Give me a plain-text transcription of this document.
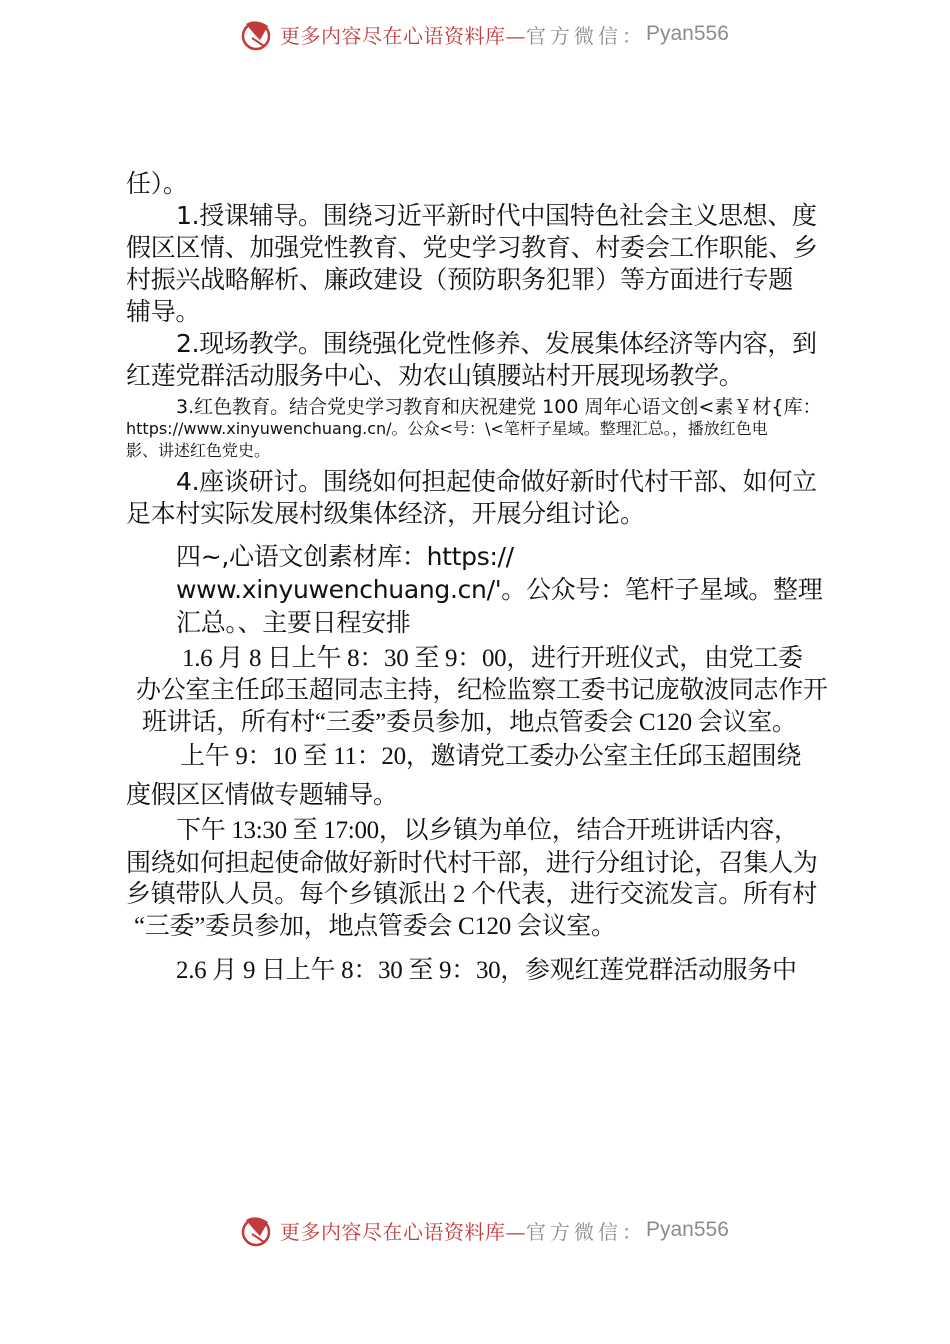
更多内容尽在心语资料库— 官方微信： Pyan556

任）。

1.授课辅导。围绕习近平新时代中国特色社会主义思想、度

假区区情、加强党性教育、党史学习教育、村委会工作职能、乡

村振兴战略解析、廉政建设（预防职务犯罪）等方面进行专题

辅导。

2.现场教学。围绕强化党性修养、发展集体经济等内容，到

红莲党群活动服务中心、劝农山镇腰站村开展现场教学。

3.红色教育。结合党史学习教育和庆祝建党 100 周年心语文创<素￥材{库：

https://www.xinyuwenchuang.cn/。公众<号：\<笔杆子星域。整理汇总。，播放红色电

影、讲述红色党史。

4.座谈研讨。围绕如何担起使命做好新时代村干部、如何立

足本村实际发展村级集体经济，开展分组讨论。

四~,心语文创素材库：https://

www.xinyuwenchuang.cn/'。公众号：笔杆子星域。整理

汇总。、主要日程安排

1.6 月 8 日上午 8：30 至 9：00，进行开班仪式，由党工委

办公室主任邱玉超同志主持，纪检监察工委书记庞敬波同志作开

班讲话，所有村“三委”委员参加，地点管委会 C120 会议室。

上午 9：10 至 11：20，邀请党工委办公室主任邱玉超围绕

度假区区情做专题辅导。

下午 13:30 至 17:00，以乡镇为单位，结合开班讲话内容，

围绕如何担起使命做好新时代村干部，进行分组讨论，召集人为

乡镇带队人员。每个乡镇派出 2 个代表，进行交流发言。所有村

“三委”委员参加，地点管委会 C120 会议室。

2.6 月 9 日上午 8：30 至 9：30，参观红莲党群活动服务中

更多内容尽在心语资料库— 官方微信： Pyan556
